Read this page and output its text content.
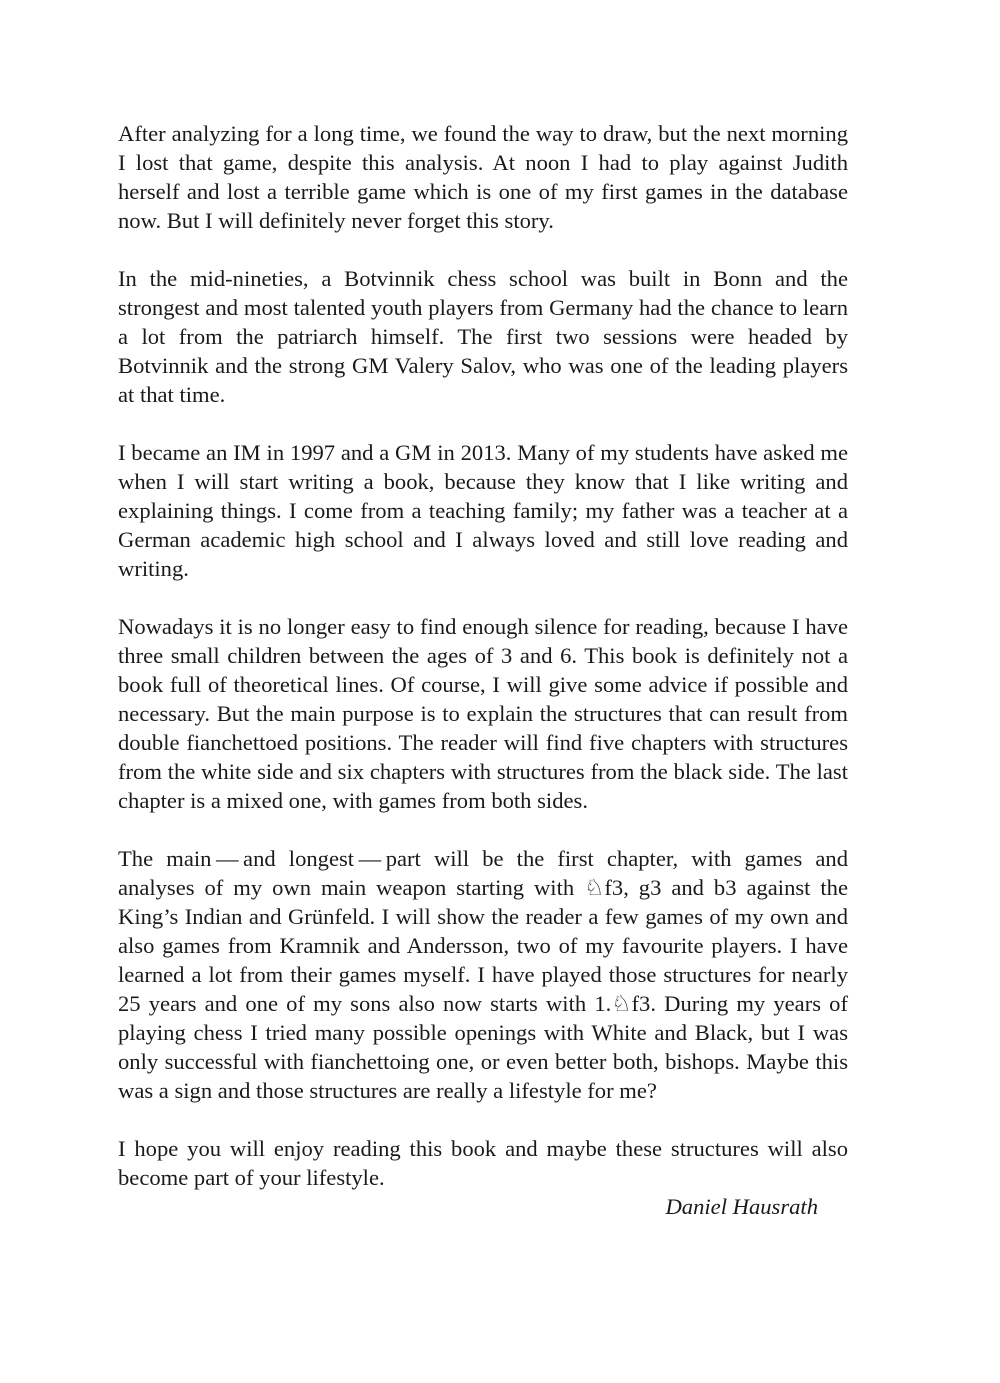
After analyzing for a long time, we found the way to draw, but the next morning I lost that game, despite this analysis. At noon I had to play against Judith herself and lost a terrible game which is one of my first games in the database now. But I will definitely never forget this story.

In the mid-nineties, a Botvinnik chess school was built in Bonn and the strongest and most talented youth players from Germany had the chance to learn a lot from the patriarch himself. The first two sessions were headed by Botvinnik and the strong GM Valery Salov, who was one of the leading players at that time.

I became an IM in 1997 and a GM in 2013. Many of my students have asked me when I will start writing a book, because they know that I like writing and explaining things. I come from a teaching family; my father was a teacher at a German academic high school and I always loved and still love reading and writing.

Nowadays it is no longer easy to find enough silence for reading, because I have three small children between the ages of 3 and 6. This book is definitely not a book full of theoretical lines. Of course, I will give some advice if possible and necessary. But the main purpose is to explain the structures that can result from double fianchettoed positions. The reader will find five chapters with structures from the white side and six chapters with structures from the black side. The last chapter is a mixed one, with games from both sides.

The main — and longest — part will be the first chapter, with games and analyses of my own main weapon starting with ♘f3, g3 and b3 against the King’s Indian and Grünfeld. I will show the reader a few games of my own and also games from Kramnik and Andersson, two of my favourite players. I have learned a lot from their games myself. I have played those structures for nearly 25 years and one of my sons also now starts with 1.♘f3. During my years of playing chess I tried many possible openings with White and Black, but I was only successful with fianchettoing one, or even better both, bishops. Maybe this was a sign and those structures are really a lifestyle for me?

I hope you will enjoy reading this book and maybe these structures will also become part of your lifestyle.

Daniel Hausrath
